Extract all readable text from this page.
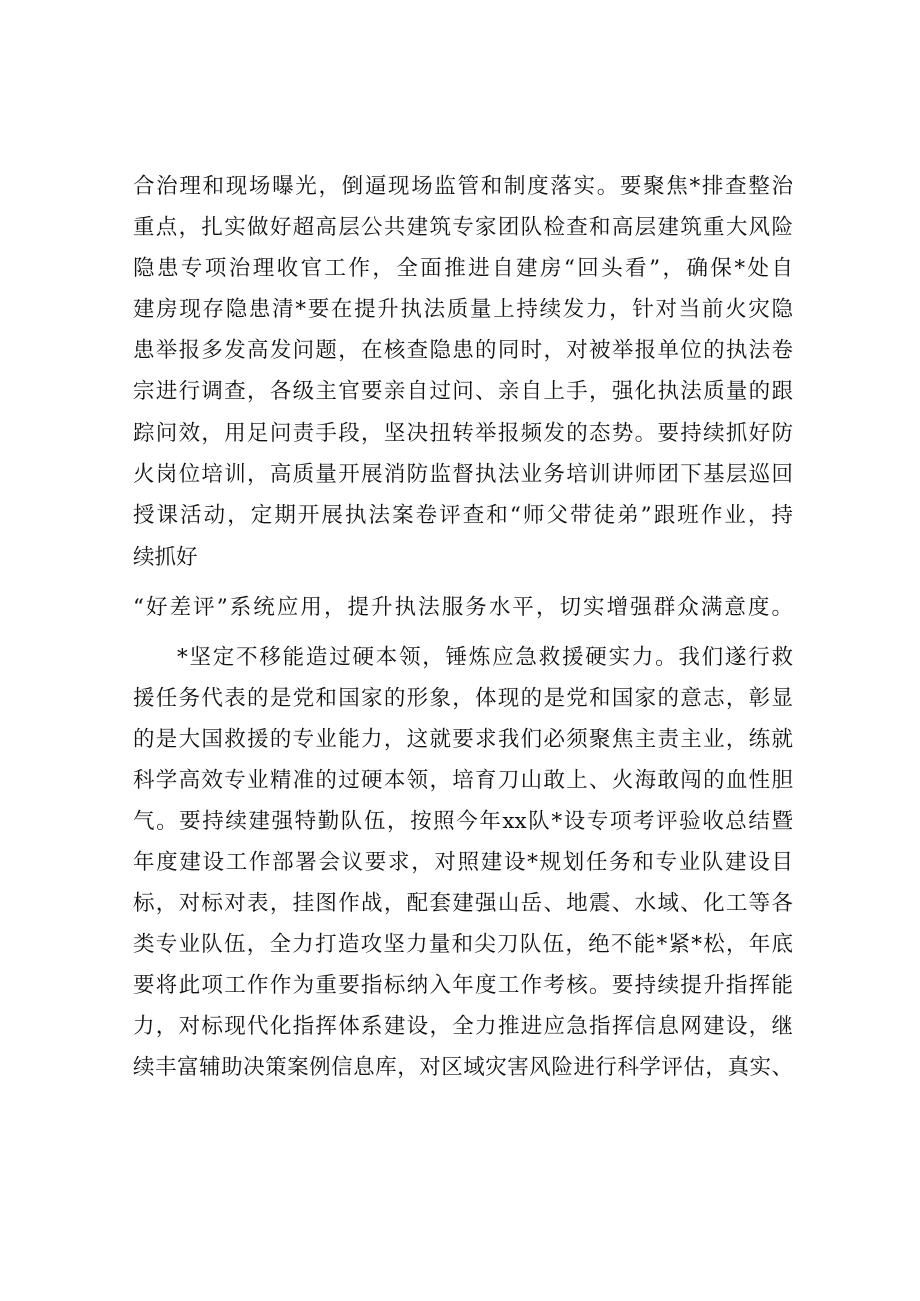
合治理和现场曝光，倒逼现场监管和制度落实。要聚焦*排查整治
重点，扎实做好超高层公共建筑专家团队检查和高层建筑重大风险
隐患专项治理收官工作，全面推进自建房“回头看”，确保*处自
建房现存隐患清*要在提升执法质量上持续发力，针对当前火灾隐
患举报多发高发问题，在核查隐患的同时，对被举报单位的执法卷
宗进行调查，各级主官要亲自过问、亲自上手，强化执法质量的跟
踪问效，用足问责手段，坚决扭转举报频发的态势。要持续抓好防
火岗位培训，高质量开展消防监督执法业务培训讲师团下基层巡回
授课活动，定期开展执法案卷评查和“师父带徒弟”跟班作业，持
续抓好
“好差评”系统应用，提升执法服务水平，切实增强群众满意度。
*坚定不移能造过硬本领，锤炼应急救援硬实力。我们遂行救
援任务代表的是党和国家的形象，体现的是党和国家的意志，彰显
的是大国救援的专业能力，这就要求我们必须聚焦主责主业，练就
科学高效专业精准的过硬本领，培育刀山敢上、火海敢闯的血性胆
气。要持续建强特勤队伍，按照今年xx队*设专项考评验收总结暨
年度建设工作部署会议要求，对照建设*规划任务和专业队建设目
标，对标对表，挂图作战，配套建强山岳、地震、水域、化工等各
类专业队伍，全力打造攻坚力量和尖刀队伍，绝不能*紧*松，年底
要将此项工作作为重要指标纳入年度工作考核。要持续提升指挥能
力，对标现代化指挥体系建设，全力推进应急指挥信息网建设，继
续丰富辅助决策案例信息库，对区域灾害风险进行科学评估，真实、
